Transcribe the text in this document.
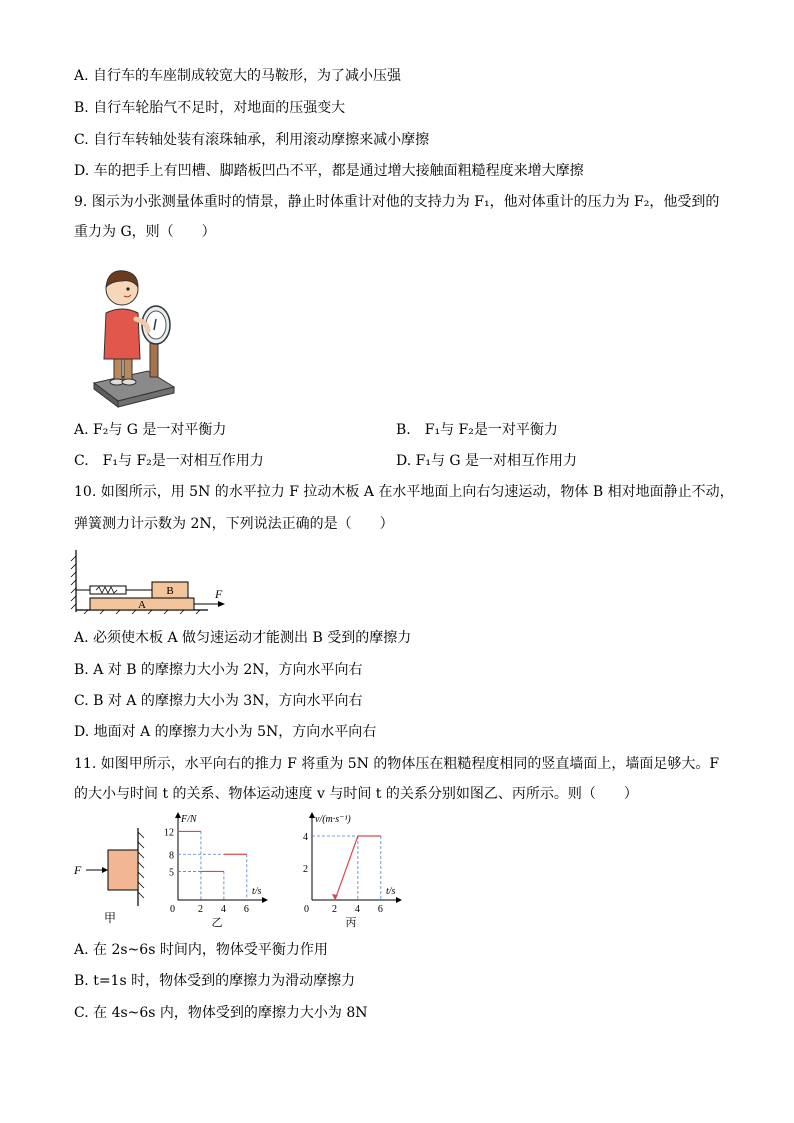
A. 自行车的车座制成较宽大的马鞍形，为了减小压强
B. 自行车轮胎气不足时，对地面的压强变大
C. 自行车转轴处装有滚珠轴承，利用滚动摩擦来减小摩擦
D. 车的把手上有凹槽、脚踏板凹凸不平，都是通过增大接触面粗糙程度来增大摩擦
9. 图示为小张测量体重时的情景，静止时体重计对他的支持力为 F₁，他对体重计的压力为 F₂，他受到的
重力为 G，则（　　）
A. F₂与 G 是一对平衡力	B.　F₁与 F₂是一对平衡力
C.　F₁与 F₂是一对相互作用力	D. F₁与 G 是一对相互作用力
10. 如图所示，用 5N 的水平拉力 F 拉动木板 A 在水平地面上向右匀速运动，物体 B 相对地面静止不动，
弹簧测力计示数为 2N，下列说法正确的是（　　）
A
B	F
A. 必须使木板 A 做匀速运动才能测出 B 受到的摩擦力
B. A 对 B 的摩擦力大小为 2N，方向水平向右
C. B 对 A 的摩擦力大小为 3N，方向水平向右
D. 地面对 A 的摩擦力大小为 5N，方向水平向右
11. 如图甲所示，水平向右的推力 F 将重为 5N 的物体压在粗糙程度相同的竖直墙面上，墙面足够大。F
的大小与时间 t 的关系、物体运动速度 v 与时间 t 的关系分别如图乙、丙所示。则（　　）
F
甲
F/N
t/s
0 2 4 6
5
8
12
乙
v/(m·s⁻¹)
t/s
0 2 4 6
2
4
丙
A. 在 2s~6s 时间内，物体受平衡力作用
B. t=1s 时，物体受到的摩擦力为滑动摩擦力
C. 在 4s~6s 内，物体受到的摩擦力大小为 8N
